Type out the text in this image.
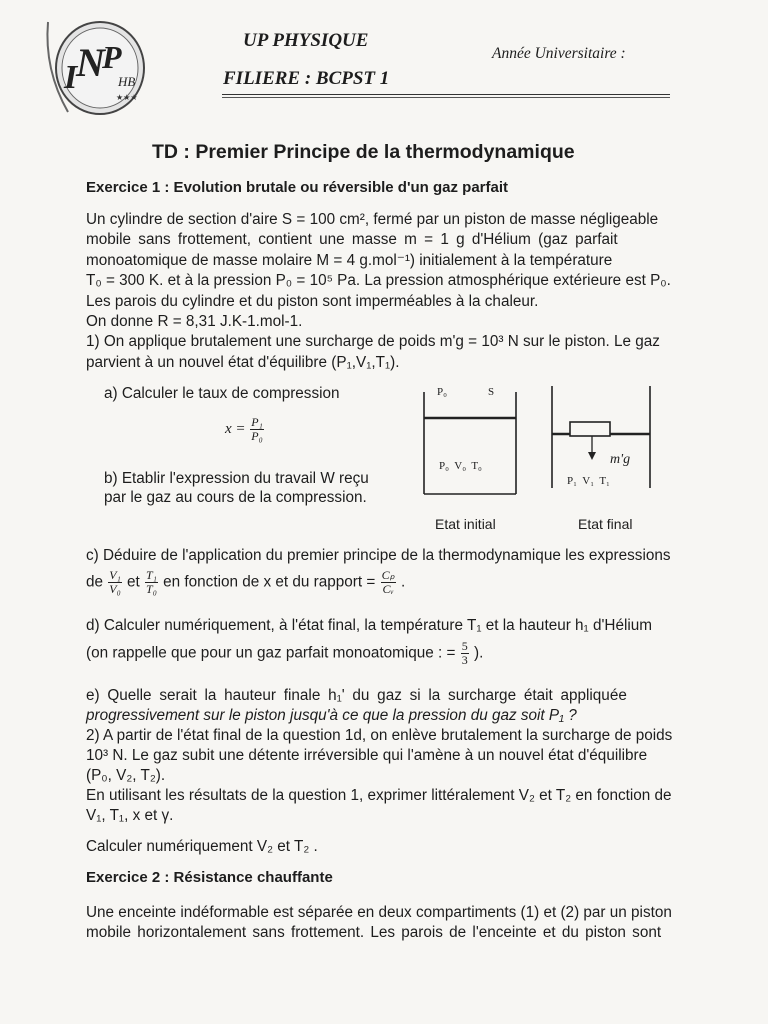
I
N
P
HB
★★★
UP PHYSIQUE
FILIERE : BCPST 1
Année Universitaire :
TD : Premier Principe de la thermodynamique
Exercice 1 : Evolution brutale ou réversible d'un gaz parfait
Un cylindre de section d'aire S = 100 cm², fermé par un piston de masse négligeable
mobile sans frottement, contient une masse m = 1 g d'Hélium (gaz parfait
monoatomique de masse molaire M = 4 g.mol⁻¹) initialement à la température
T₀ = 300 K. et à la pression P₀ = 10⁵ Pa. La pression atmosphérique extérieure est P₀.
Les parois du cylindre et du piston sont imperméables à la chaleur.
On donne R = 8,31 J.K-1.mol-1.
1) On applique brutalement une surcharge de poids m'g = 10³ N sur le piston. Le gaz
parvient à un nouvel état d'équilibre (P₁,V₁,T₁).
a) Calculer le taux de compression
$x = \frac{\text{P₁}}{\text{P₀}}$
b) Etablir l'expression du travail W reçu
par le gaz au cours de la compression.
P₀	S
P₀  V₀  T₀
Etat initial
m'g⃗
P₁  V₁  T₁
Etat final
c) Déduire de l'application du premier principe de la thermodynamique les expressions
de $\frac{\text{V₁}}{\text{V₀}}$ et $\frac{\text{T₁}}{\text{T₀}}$ en fonction de x et du rapport = $\frac{\text{Cₚ}}{\text{Cᵥ}}$ .
d) Calculer numériquement, à l'état final, la température T₁ et la hauteur h₁ d'Hélium
(on rappelle que pour un gaz parfait monoatomique : = $\frac{5}{3}$ ).

e) Quelle serait la hauteur finale h₁' du gaz si la surcharge était appliquée

progressivement sur le piston jusqu'à ce que la pression du gaz soit P₁ ?

2) A partir de l'état final de la question 1d, on enlève brutalement la surcharge de poids

10³ N. Le gaz subit une détente irréversible qui l'amène à un nouvel état d'équilibre

(P₀, V₂, T₂).

En utilisant les résultats de la question 1, exprimer littéralement V₂ et T₂ en fonction de

V₁, T₁, x et γ.

Calculer numériquement V₂ et T₂ .
Exercice 2 : Résistance chauffante

Une enceinte indéformable est séparée en deux compartiments (1) et (2) par un piston

mobile horizontalement sans frottement. Les parois de l'enceinte et du piston sont
